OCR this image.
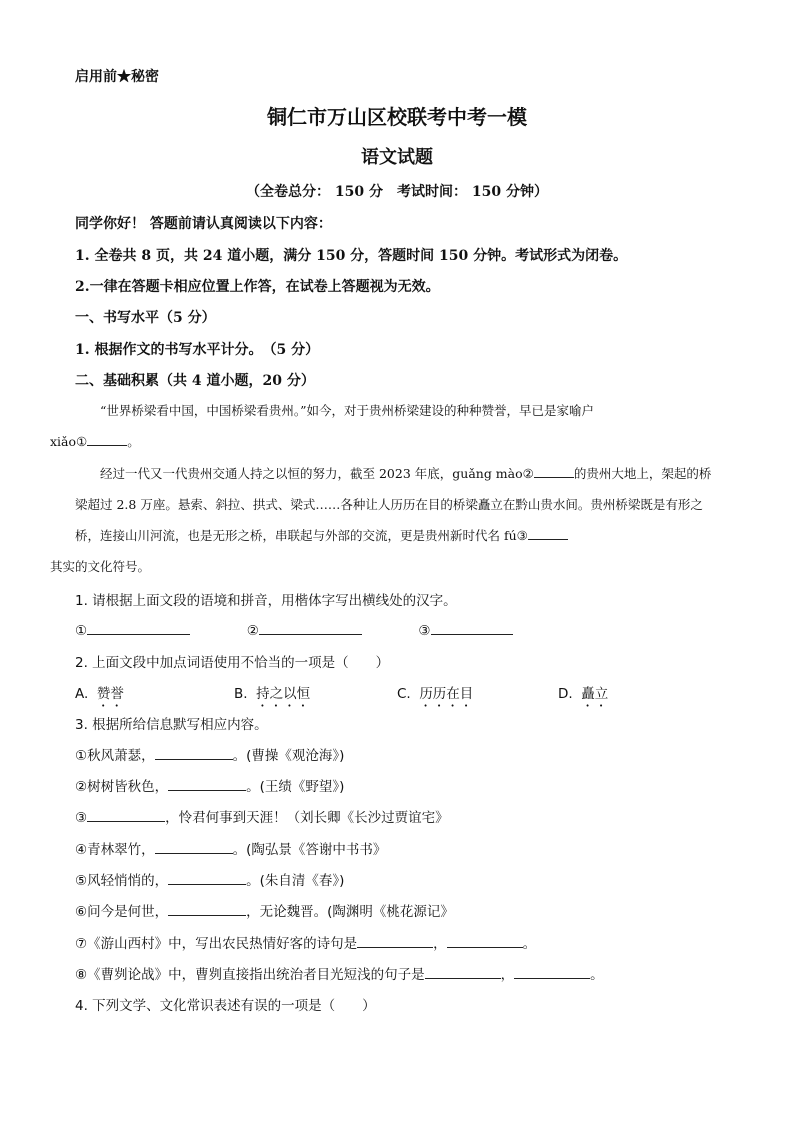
启用前★秘密
铜仁市万山区校联考中考一模
语文试题
（全卷总分： 150 分　考试时间： 150 分钟）
同学你好！ 答题前请认真阅读以下内容：
1. 全卷共 8 页，共 24 道小题，满分 150 分，答题时间 150 分钟。考试形式为闭卷。
2.一律在答题卡相应位置上作答，在试卷上答题视为无效。
一、书写水平（5 分）
1. 根据作文的书写水平计分。　（5 分）
二、基础积累（共 4 道小题，20 分）
“世界桥梁看中国，中国桥梁看贵州。”如今，对于贵州桥梁建设的种种赞誉，早已是家喻户
xiǎo①	。
经过一代又一代贵州交通人持之以恒的努力，截至 2023 年底，guǎng mào②	的贵州大地上，架起的桥梁超过 2.8 万座。悬索、斜拉、拱式、梁式……各种让人历历在目的桥梁矗立在黔山贵水间。贵州桥梁既是有形之桥，连接山川河流，也是无形之桥，串联起与外部的交流，更是贵州新时代名 fú③
其实的文化符号。
1. 请根据上面文段的语境和拼音，用楷体字写出横线处的汉字。
①	②	③
2. 上面文段中加点词语使用不恰当的一项是（　　）
A. 赞誉	B. 持之以恒	C. 历历在目	D. 矗立
3. 根据所给信息默写相应内容。
①秋风萧瑟，	。(曹操《观沧海》)
②树树皆秋色，	。(王绩《野望》)
③	，怜君何事到天涯！（刘长卿《长沙过贾谊宅》
④青林翠竹，	。(陶弘景《答谢中书书》
⑤风轻悄悄的，	。(朱自清《春》)
⑥问今是何世，	，无论魏晋。(陶渊明《桃花源记》
⑦《游山西村》中，写出农民热情好客的诗句是	，	。
⑧《曹刿论战》中，曹刿直接指出统治者目光短浅的句子是	，	。
4. 下列文学、文化常识表述有误的一项是（　　）
